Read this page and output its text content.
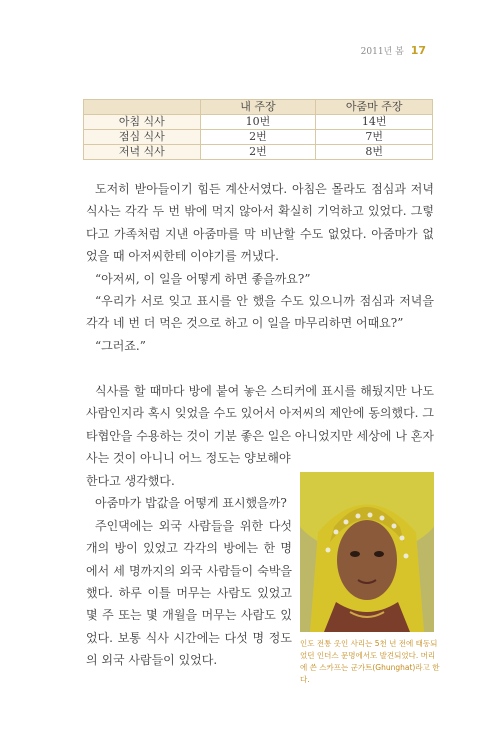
2011년 봄 17
	내 주장	아줌마 주장
아침 식사	10번	14번
점심 식사	2번	7번
저녁 식사	2번	8번

도저히 받아들이기 힘든 계산서였다. 아침은 몰라도 점심과 저녁 식사는 각각 두 번 밖에 먹지 않아서 확실히 기억하고 있었다. 그렇다고 가족처럼 지낸 아줌마를 막 비난할 수도 없었다. 아줌마가 없었을 때 아저씨한테 이야기를 꺼냈다.

“아저씨, 이 일을 어떻게 하면 좋을까요?”

“우리가 서로 잊고 표시를 안 했을 수도 있으니까 점심과 저녁을 각각 네 번 더 먹은 것으로 하고 이 일을 마무리하면 어때요?”

“그러죠.”

식사를 할 때마다 방에 붙여 놓은 스티커에 표시를 해뒀지만 나도 사람인지라 혹시 잊었을 수도 있어서 아저씨의 제안에 동의했다. 그 타협안을 수용하는 것이 기분 좋은 일은 아니었지만 세상에 나 혼자 사는 것이 아니니 어느 정도는 양보해야

한다고 생각했다.

아줌마가 밥값을 어떻게 표시했을까?

주인댁에는 외국 사람들을 위한 다섯 개의 방이 있었고 각각의 방에는 한 명에서 세 명까지의 외국 사람들이 숙박을 했다. 하루 이틀 머무는 사람도 있었고 몇 주 또는 몇 개월을 머무는 사람도 있었다. 보통 식사 시간에는 다섯 명 정도의 외국 사람들이 있었다.

인도 전통 옷인 사리는 5천 년 전에 태동되었던 인더스 문명에서도 발견되었다. 머리에 쓴 스카프는 군가트(Ghunghat)라고 한다.
